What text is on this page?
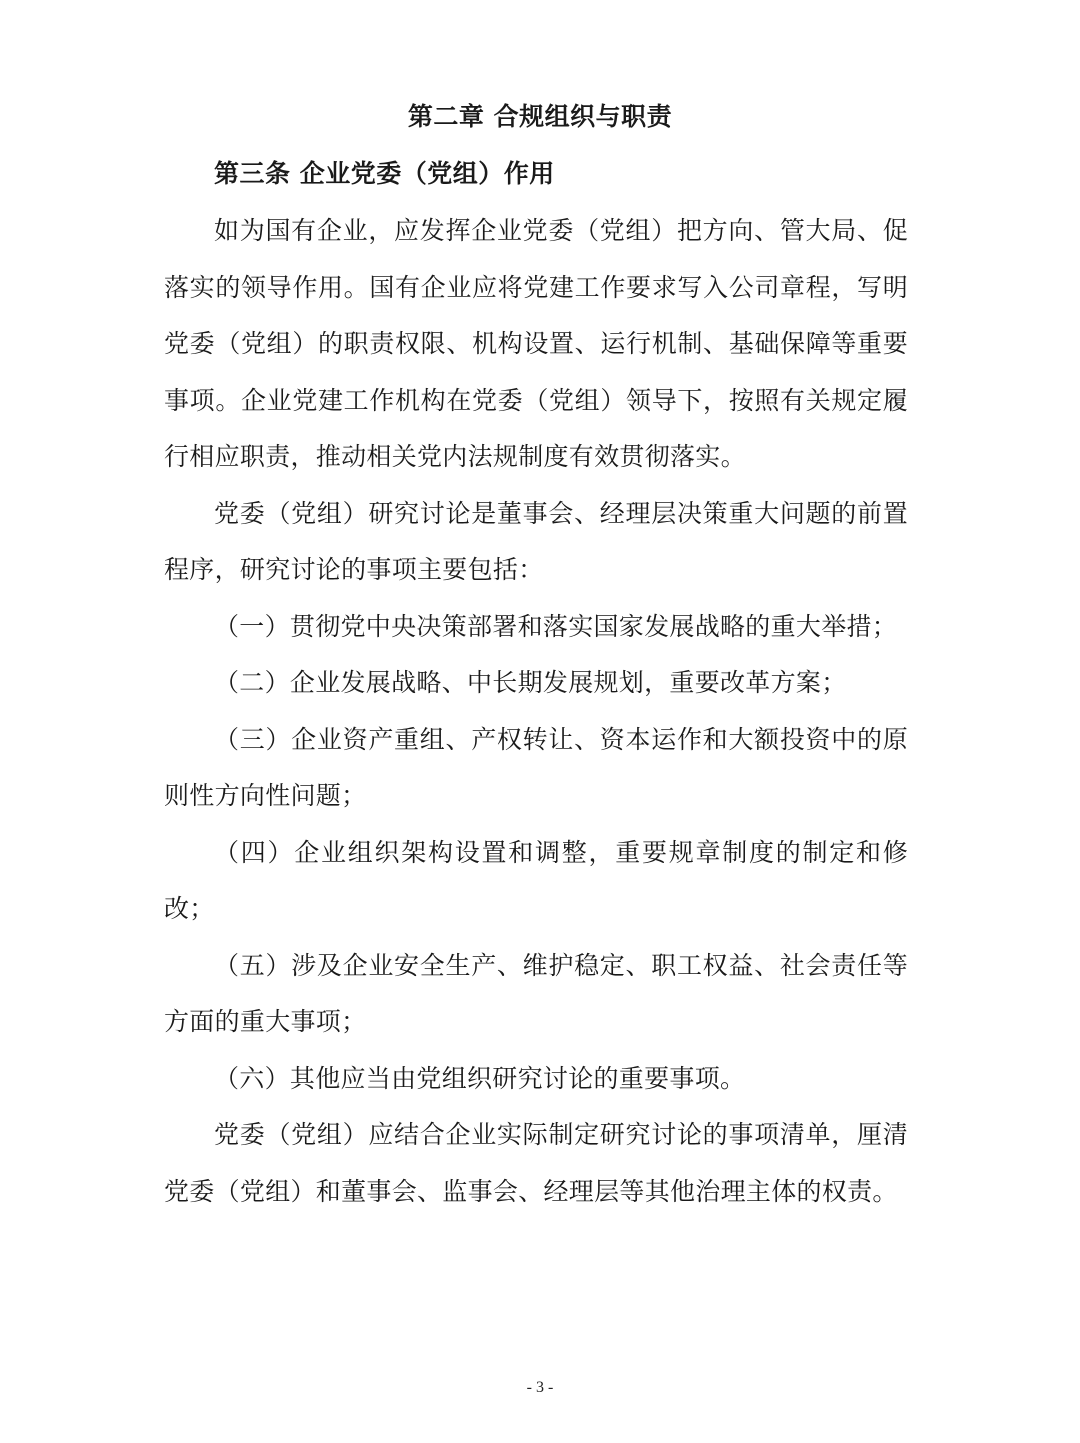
第二章 合规组织与职责
第三条 企业党委（党组）作用

如为国有企业，应发挥企业党委（党组）把方向、管大局、促落实的领导作用。国有企业应将党建工作要求写入公司章程，写明党委（党组）的职责权限、机构设置、运行机制、基础保障等重要事项。企业党建工作机构在党委（党组）领导下，按照有关规定履行相应职责，推动相关党内法规制度有效贯彻落实。

党委（党组）研究讨论是董事会、经理层决策重大问题的前置程序，研究讨论的事项主要包括：

（一）贯彻党中央决策部署和落实国家发展战略的重大举措；

（二）企业发展战略、中长期发展规划，重要改革方案；

（三）企业资产重组、产权转让、资本运作和大额投资中的原则性方向性问题；

（四）企业组织架构设置和调整，重要规章制度的制定和修改；

（五）涉及企业安全生产、维护稳定、职工权益、社会责任等方面的重大事项；

（六）其他应当由党组织研究讨论的重要事项。

党委（党组）应结合企业实际制定研究讨论的事项清单，厘清党委（党组）和董事会、监事会、经理层等其他治理主体的权责。

- 3 -
